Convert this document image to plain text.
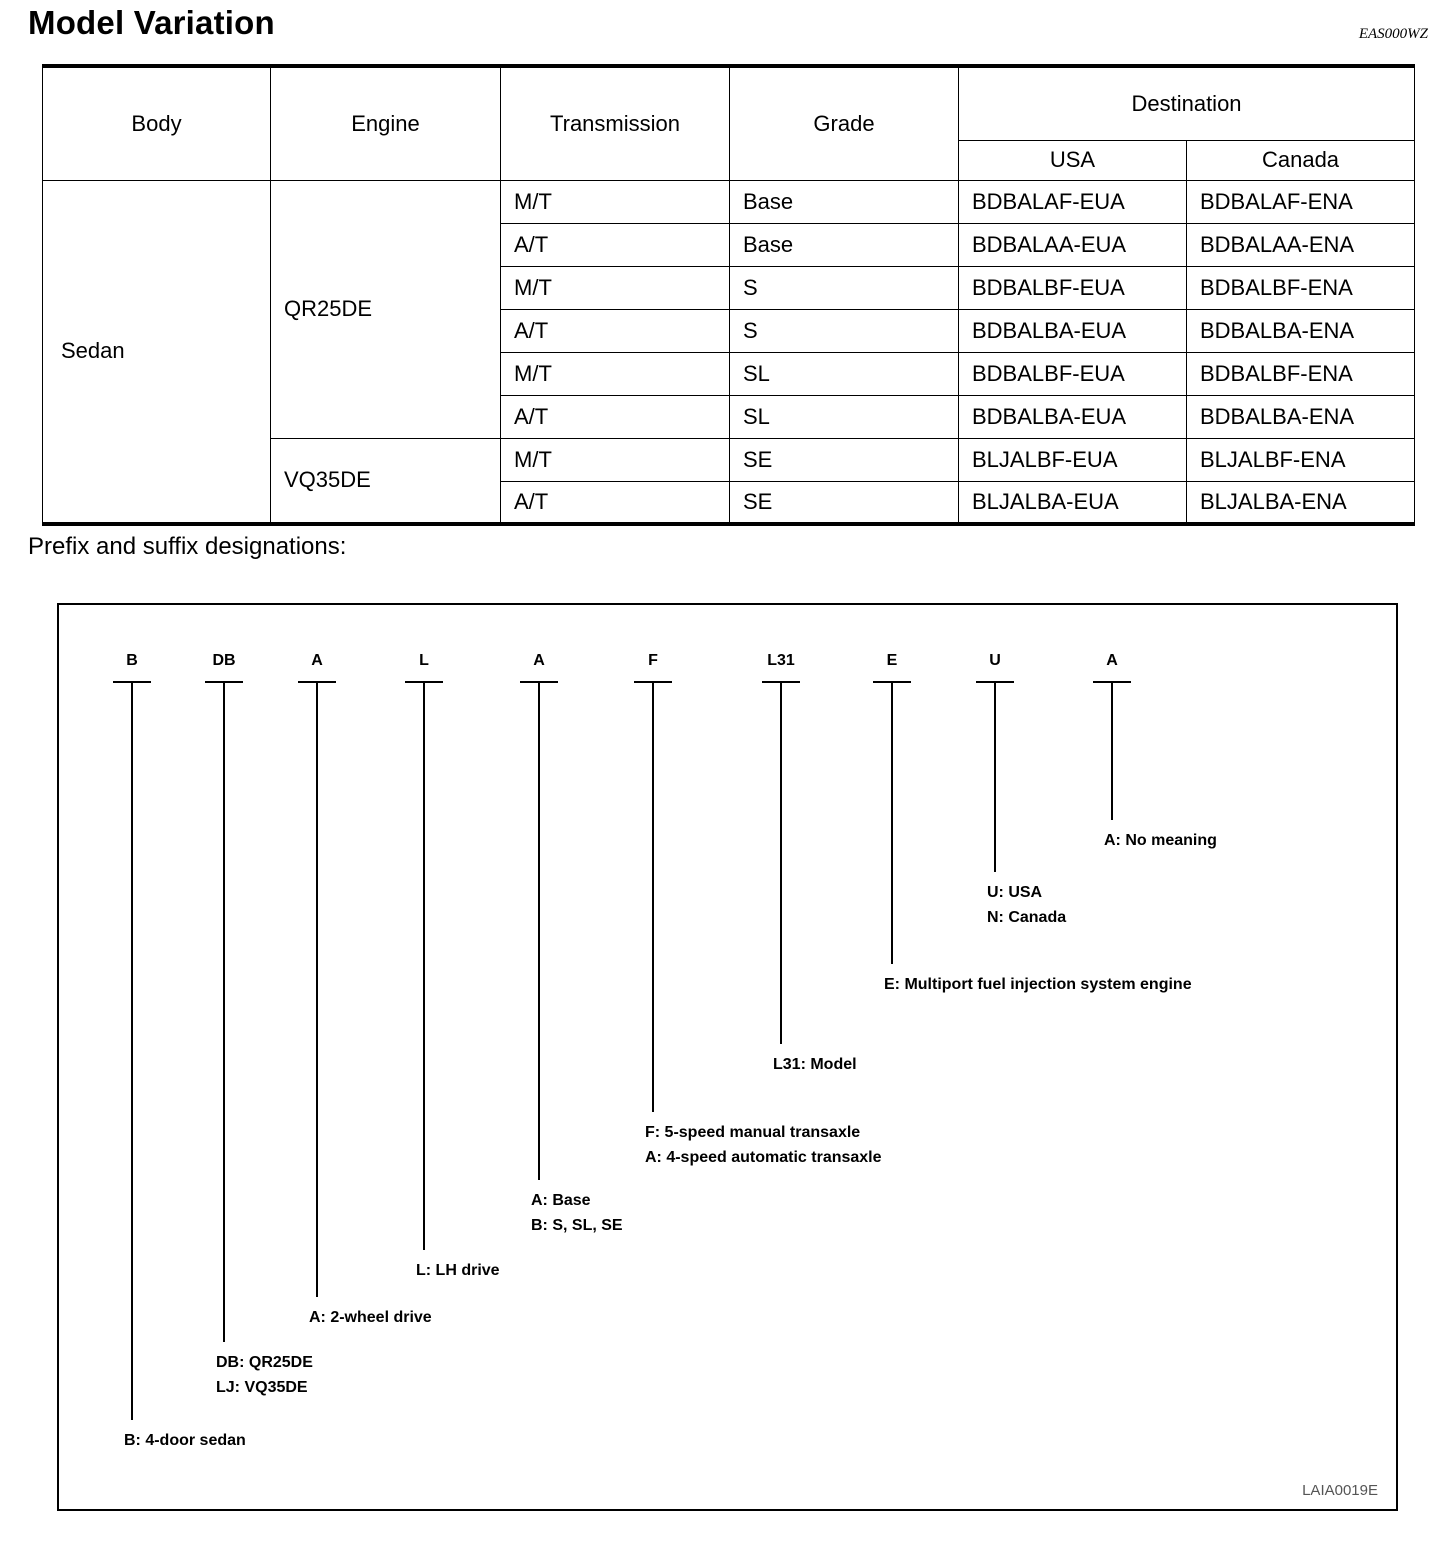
Model Variation	EAS000WZ
Body	Engine	Transmission	Grade	Destination	
				USA	Canada
Sedan	QR25DE	M/T	Base	BDBALAF-EUA	BDBALAF-ENA
		A/T	Base	BDBALAA-EUA	BDBALAA-ENA
		M/T	S	BDBALBF-EUA	BDBALBF-ENA
		A/T	S	BDBALBA-EUA	BDBALBA-ENA
		M/T	SL	BDBALBF-EUA	BDBALBF-ENA
		A/T	SL	BDBALBA-EUA	BDBALBA-ENA
	VQ35DE	M/T	SE	BLJALBF-EUA	BLJALBF-ENA
		A/T	SE	BLJALBA-EUA	BLJALBA-ENA
Prefix and suffix designations:
B
B: 4-door sedan
DB
DB: QR25DE
LJ: VQ35DE
A
A: 2-wheel drive
L
L: LH drive
A
A: Base
B: S, SL, SE
F
F: 5-speed manual transaxle
A: 4-speed automatic transaxle
L31
L31: Model
E
E: Multiport fuel injection system engine
U
U: USA
N: Canada
A
A: No meaning
LAIA0019E
